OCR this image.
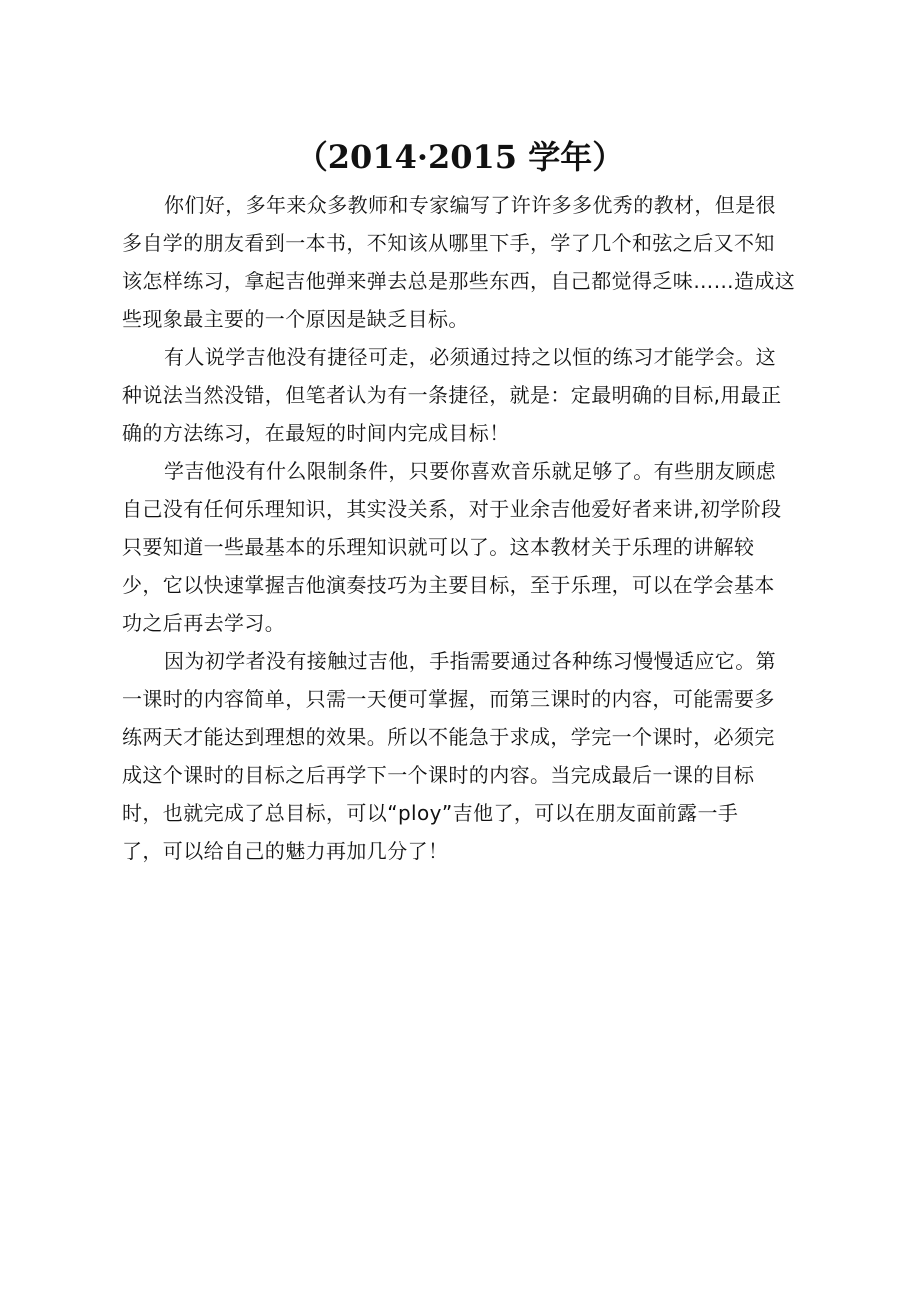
（2014·2015 学年）
你们好，多年来众多教师和专家编写了许许多多优秀的教材，但是很
多自学的朋友看到一本书，不知该从哪里下手，学了几个和弦之后又不知
该怎样练习，拿起吉他弹来弹去总是那些东西，自己都觉得乏味……造成这
些现象最主要的一个原因是缺乏目标。
有人说学吉他没有捷径可走，必须通过持之以恒的练习才能学会。这
种说法当然没错，但笔者认为有一条捷径，就是：定最明确的目标,用最正
确的方法练习，在最短的时间内完成目标！
学吉他没有什么限制条件，只要你喜欢音乐就足够了。有些朋友顾虑
自己没有任何乐理知识，其实没关系，对于业余吉他爱好者来讲,初学阶段
只要知道一些最基本的乐理知识就可以了。这本教材关于乐理的讲解较
少，它以快速掌握吉他演奏技巧为主要目标，至于乐理，可以在学会基本
功之后再去学习。
因为初学者没有接触过吉他，手指需要通过各种练习慢慢适应它。第
一课时的内容简单，只需一天便可掌握，而第三课时的内容，可能需要多
练两天才能达到理想的效果。所以不能急于求成，学完一个课时，必须完
成这个课时的目标之后再学下一个课时的内容。当完成最后一课的目标
时，也就完成了总目标，可以“ploy”吉他了，可以在朋友面前露一手
了，可以给自己的魅力再加几分了！
